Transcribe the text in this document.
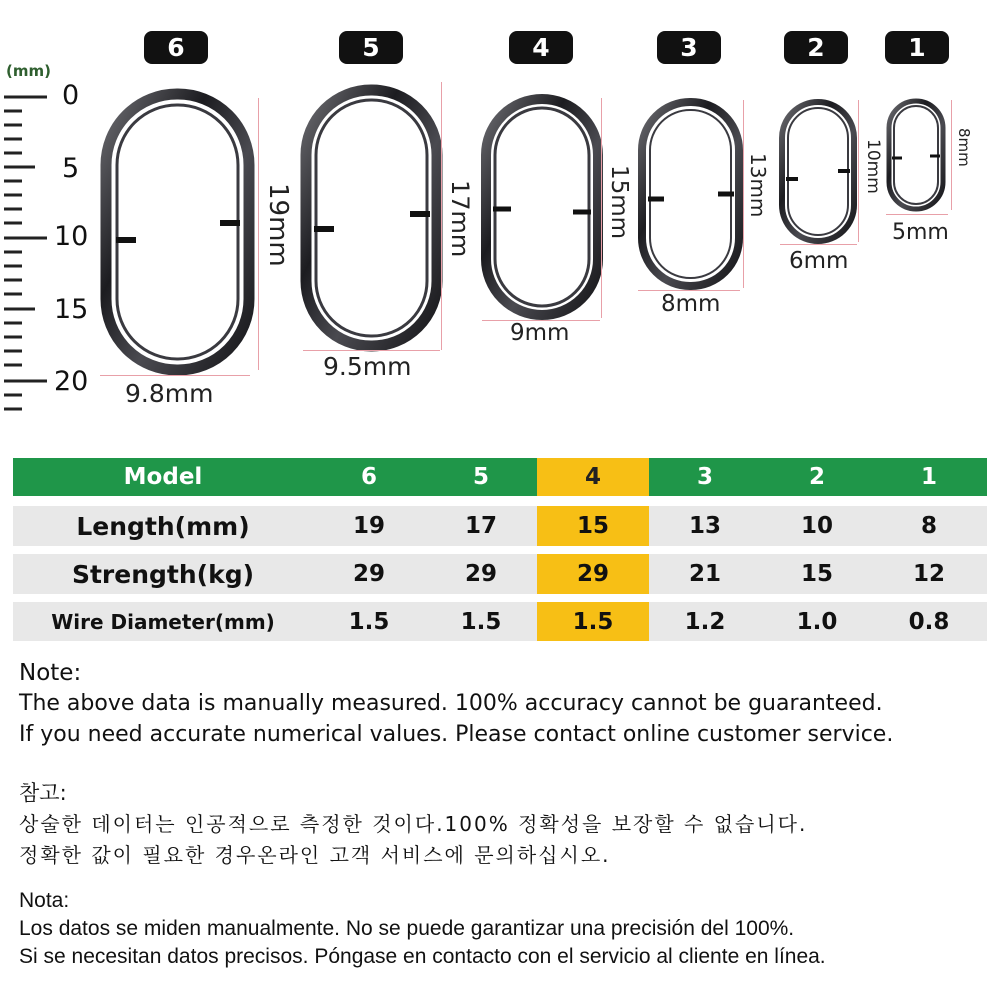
6	5	4	3	2	1
(mm)
0
5
10
15
20
19mm
9.8mm
17mm
9.5mm
15mm
9mm
13mm
8mm
10mm
6mm
8mm
5mm
Model	6	5	4	3	2	1
Length(mm)	19	17	15	13	10	8
Strength(kg)	29	29	29	21	15	12
Wire Diameter(mm)	1.5	1.5	1.5	1.2	1.0	0.8
Note:
The above data is manually measured. 100% accuracy cannot be guaranteed.
If you need accurate numerical values. Please contact online customer service.
참고:
상술한 데이터는 인공적으로 측정한 것이다.100% 정확성을 보장할 수 없습니다.
정확한 값이 필요한 경우온라인 고객 서비스에 문의하십시오.
Nota:
Los datos se miden manualmente. No se puede garantizar una precisión del 100%.
Si se necesitan datos precisos. Póngase en contacto con el servicio al cliente en línea.
